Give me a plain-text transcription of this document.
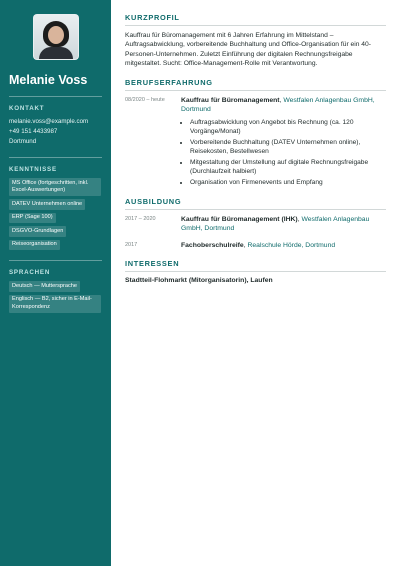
Melanie Voss
KONTAKT
melanie.voss@example.com
+49 151 4433987
Dortmund
KENNTNISSE
MS Office (fortgeschritten, inkl. Excel-Auswertungen)
DATEV Unternehmen online
ERP (Sage 100)
DSGVO-Grundlagen
Reiseorganisation
SPRACHEN
Deutsch — Muttersprache
Englisch — B2, sicher in E-Mail-Korrespondenz
KURZPROFIL
Kauffrau für Büromanagement mit 6 Jahren Erfahrung im Mittelstand – Auftragsabwicklung, vorbereitende Buchhaltung und Office-Organisation für ein 40-Personen-Unternehmen. Zuletzt Einführung der digitalen Rechnungsfreigabe mitgestaltet. Sucht: Office-Management-Rolle mit Verantwortung.
BERUFSERFAHRUNG
08/2020 – heute	Kauffrau für Büromanagement, Westfalen Anlagenbau GmbH, Dortmund
• Auftragsabwicklung von Angebot bis Rechnung (ca. 120 Vorgänge/Monat)
• Vorbereitende Buchhaltung (DATEV Unternehmen online), Reisekosten, Bestellwesen
• Mitgestaltung der Umstellung auf digitale Rechnungsfreigabe (Durchlaufzeit halbiert)
• Organisation von Firmenevents und Empfang
AUSBILDUNG
2017 – 2020	Kauffrau für Büromanagement (IHK), Westfalen Anlagenbau GmbH, Dortmund
2017	Fachoberschulreife, Realschule Hörde, Dortmund
INTERESSEN
Stadtteil-Flohmarkt (Mitorganisatorin), Laufen
